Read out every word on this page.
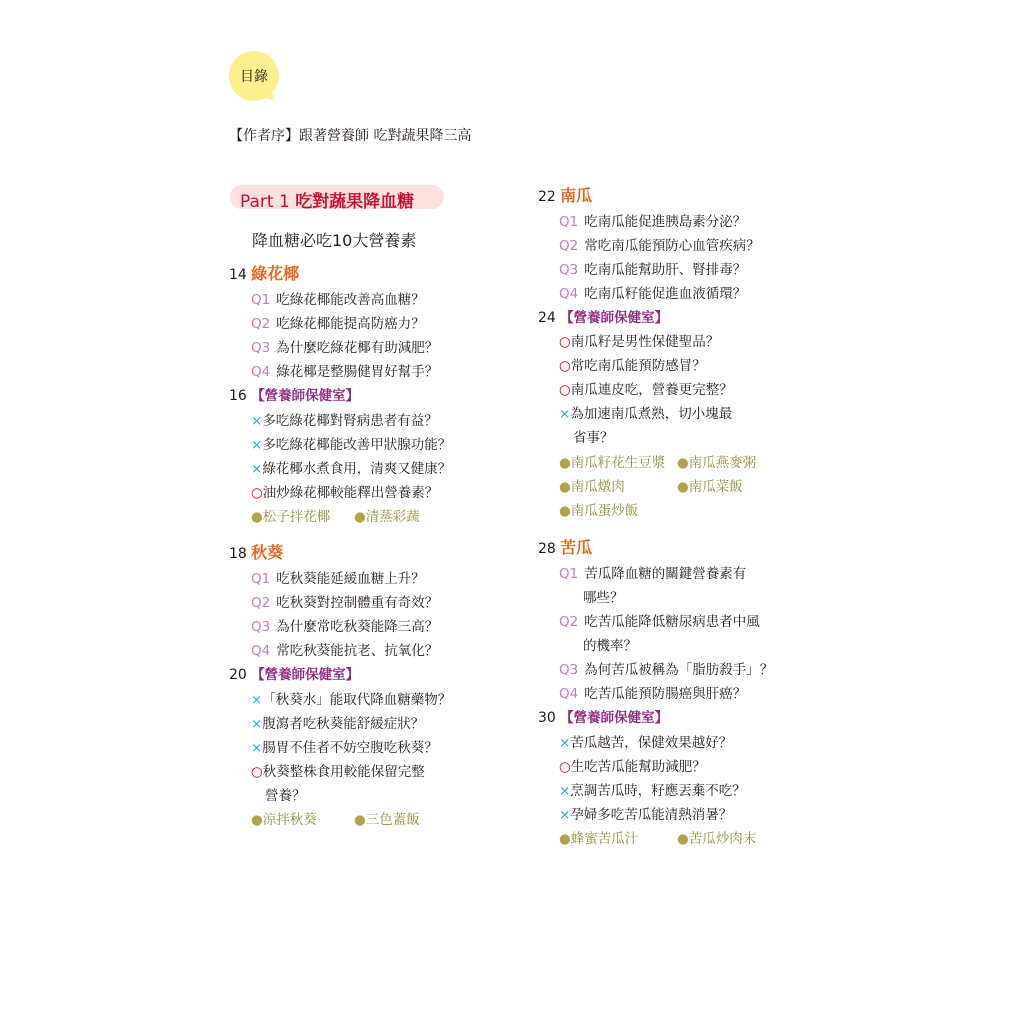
目錄
【作者序】跟著營養師 吃對蔬果降三高
Part 1 吃對蔬果降血糖
降血糖必吃10大營養素
14 綠花椰
Q1 吃綠花椰能改善高血糖？
Q2 吃綠花椰能提高防癌力？
Q3 為什麼吃綠花椰有助減肥？
Q4 綠花椰是整腸健胃好幫手？
16 【營養師保健室】
×多吃綠花椰對腎病患者有益？
×多吃綠花椰能改善甲狀腺功能？
×綠花椰水煮食用，清爽又健康？
○油炒綠花椰較能釋出營養素？
●松子拌花椰 ●清蒸彩蔬
18 秋葵
Q1 吃秋葵能延緩血糖上升？
Q2 吃秋葵對控制體重有奇效？
Q3 為什麼常吃秋葵能降三高？
Q4 常吃秋葵能抗老、抗氧化？
20 【營養師保健室】
×「秋葵水」能取代降血糖藥物？
×腹瀉者吃秋葵能舒緩症狀？
×腸胃不佳者不妨空腹吃秋葵？
○秋葵整株食用較能保留完整
營養？
●涼拌秋葵	●三色蓋飯
22 南瓜
Q1 吃南瓜能促進胰島素分泌？
Q2 常吃南瓜能預防心血管疾病？
Q3 吃南瓜能幫助肝、腎排毒？
Q4 吃南瓜籽能促進血液循環？
24 【營養師保健室】
○南瓜籽是男性保健聖品？
○常吃南瓜能預防感冒？
○南瓜連皮吃，營養更完整？
×為加速南瓜煮熟，切小塊最
省事？
●南瓜籽花生豆漿 ●南瓜燕麥粥
●南瓜燉肉	●南瓜菜飯
●南瓜蛋炒飯
28 苦瓜
Q1 苦瓜降血糖的關鍵營養素有
哪些？
Q2 吃苦瓜能降低糖尿病患者中風
的機率？
Q3 為何苦瓜被稱為「脂肪殺手」？
Q4 吃苦瓜能預防腸癌與肝癌？
30 【營養師保健室】
×苦瓜越苦，保健效果越好？
○生吃苦瓜能幫助減肥？
×烹調苦瓜時，籽應丟棄不吃？
×孕婦多吃苦瓜能清熱消暑？
●蜂蜜苦瓜汁	●苦瓜炒肉末
